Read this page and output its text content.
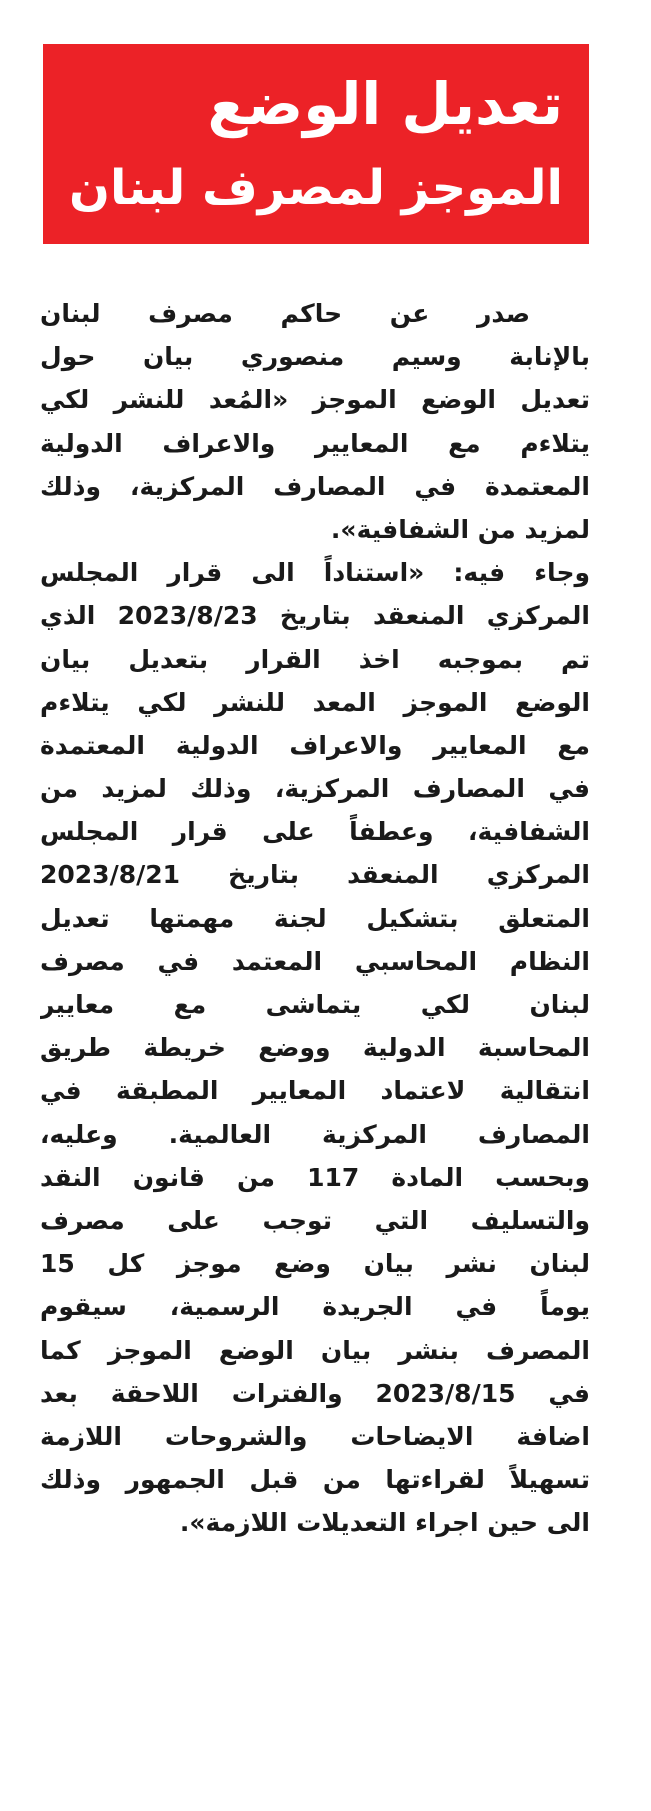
تعديل الوضع
الموجز لمصرف لبنان
صدر عن حاكم مصرف لبنان
بالإنابة وسيم منصوري بيان حول
تعديل الوضع الموجز «المُعد للنشر لكي
يتلاءم مع المعايير والاعراف الدولية
المعتمدة في المصارف المركزية، وذلك
لمزيد من الشفافية».
وجاء فيه: «استناداً الى قرار المجلس
المركزي المنعقد بتاريخ 2023/8/23 الذي
تم بموجبه اخذ القرار بتعديل بيان
الوضع الموجز المعد للنشر لكي يتلاءم
مع المعايير والاعراف الدولية المعتمدة
في المصارف المركزية، وذلك لمزيد من
الشفافية، وعطفاً على قرار المجلس
المركزي المنعقد بتاريخ 2023/8/21
المتعلق بتشكيل لجنة مهمتها تعديل
النظام المحاسبي المعتمد في مصرف
لبنان لكي يتماشى مع معايير
المحاسبة الدولية ووضع خريطة طريق
انتقالية لاعتماد المعايير المطبقة في
المصارف المركزية العالمية. وعليه،
وبحسب المادة 117 من قانون النقد
والتسليف التي توجب على مصرف
لبنان نشر بيان وضع موجز كل 15
يوماً في الجريدة الرسمية، سيقوم
المصرف بنشر بيان الوضع الموجز كما
في 2023/8/15 والفترات اللاحقة بعد
اضافة الايضاحات والشروحات اللازمة
تسهيلاً لقراءتها من قبل الجمهور وذلك
الى حين اجراء التعديلات اللازمة».
